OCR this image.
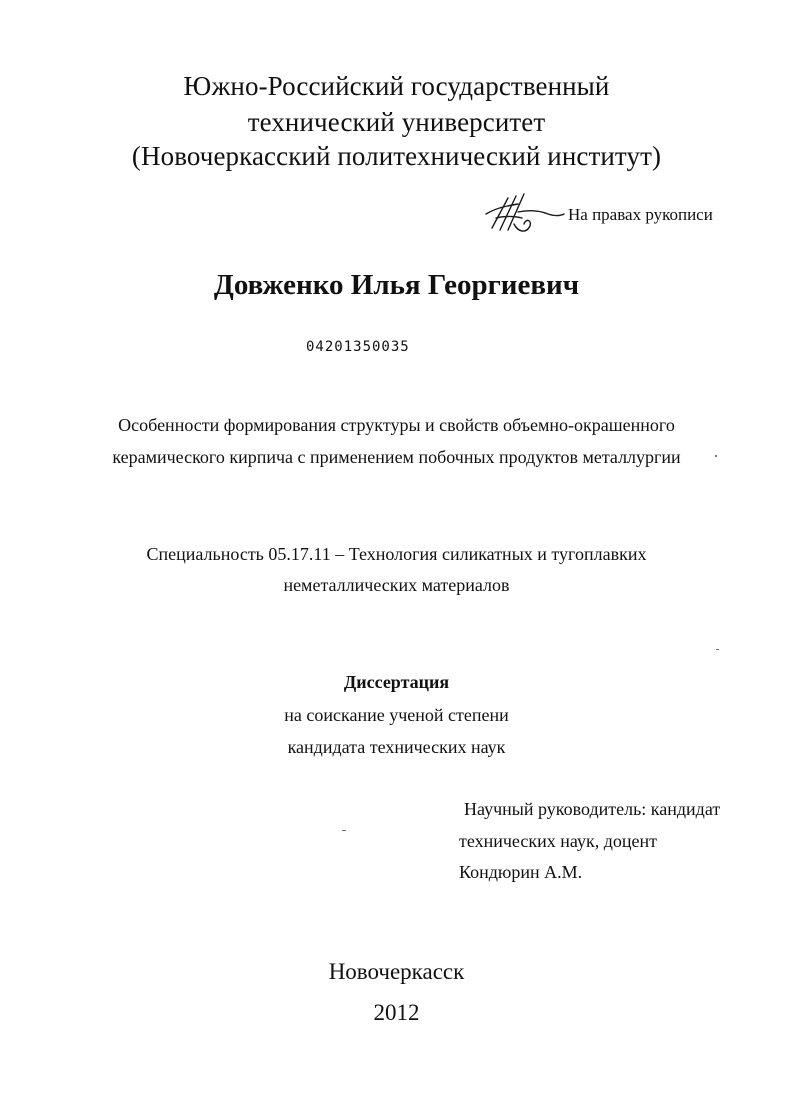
Южно-Российский государственный
технический университет
(Новочеркасский политехнический институт)
На правах рукописи
Довженко Илья Георгиевич
04201350035
Особенности формирования структуры и свойств объемно-окрашенного
керамического кирпича с применением побочных продуктов металлургии
Специальность 05.17.11 – Технология силикатных и тугоплавких
неметаллических материалов
Диссертация
на соискание ученой степени
кандидата технических наук
Научный руководитель: кандидат
технических наук, доцент
Кондюрин А.М.
Новочеркасск
2012
